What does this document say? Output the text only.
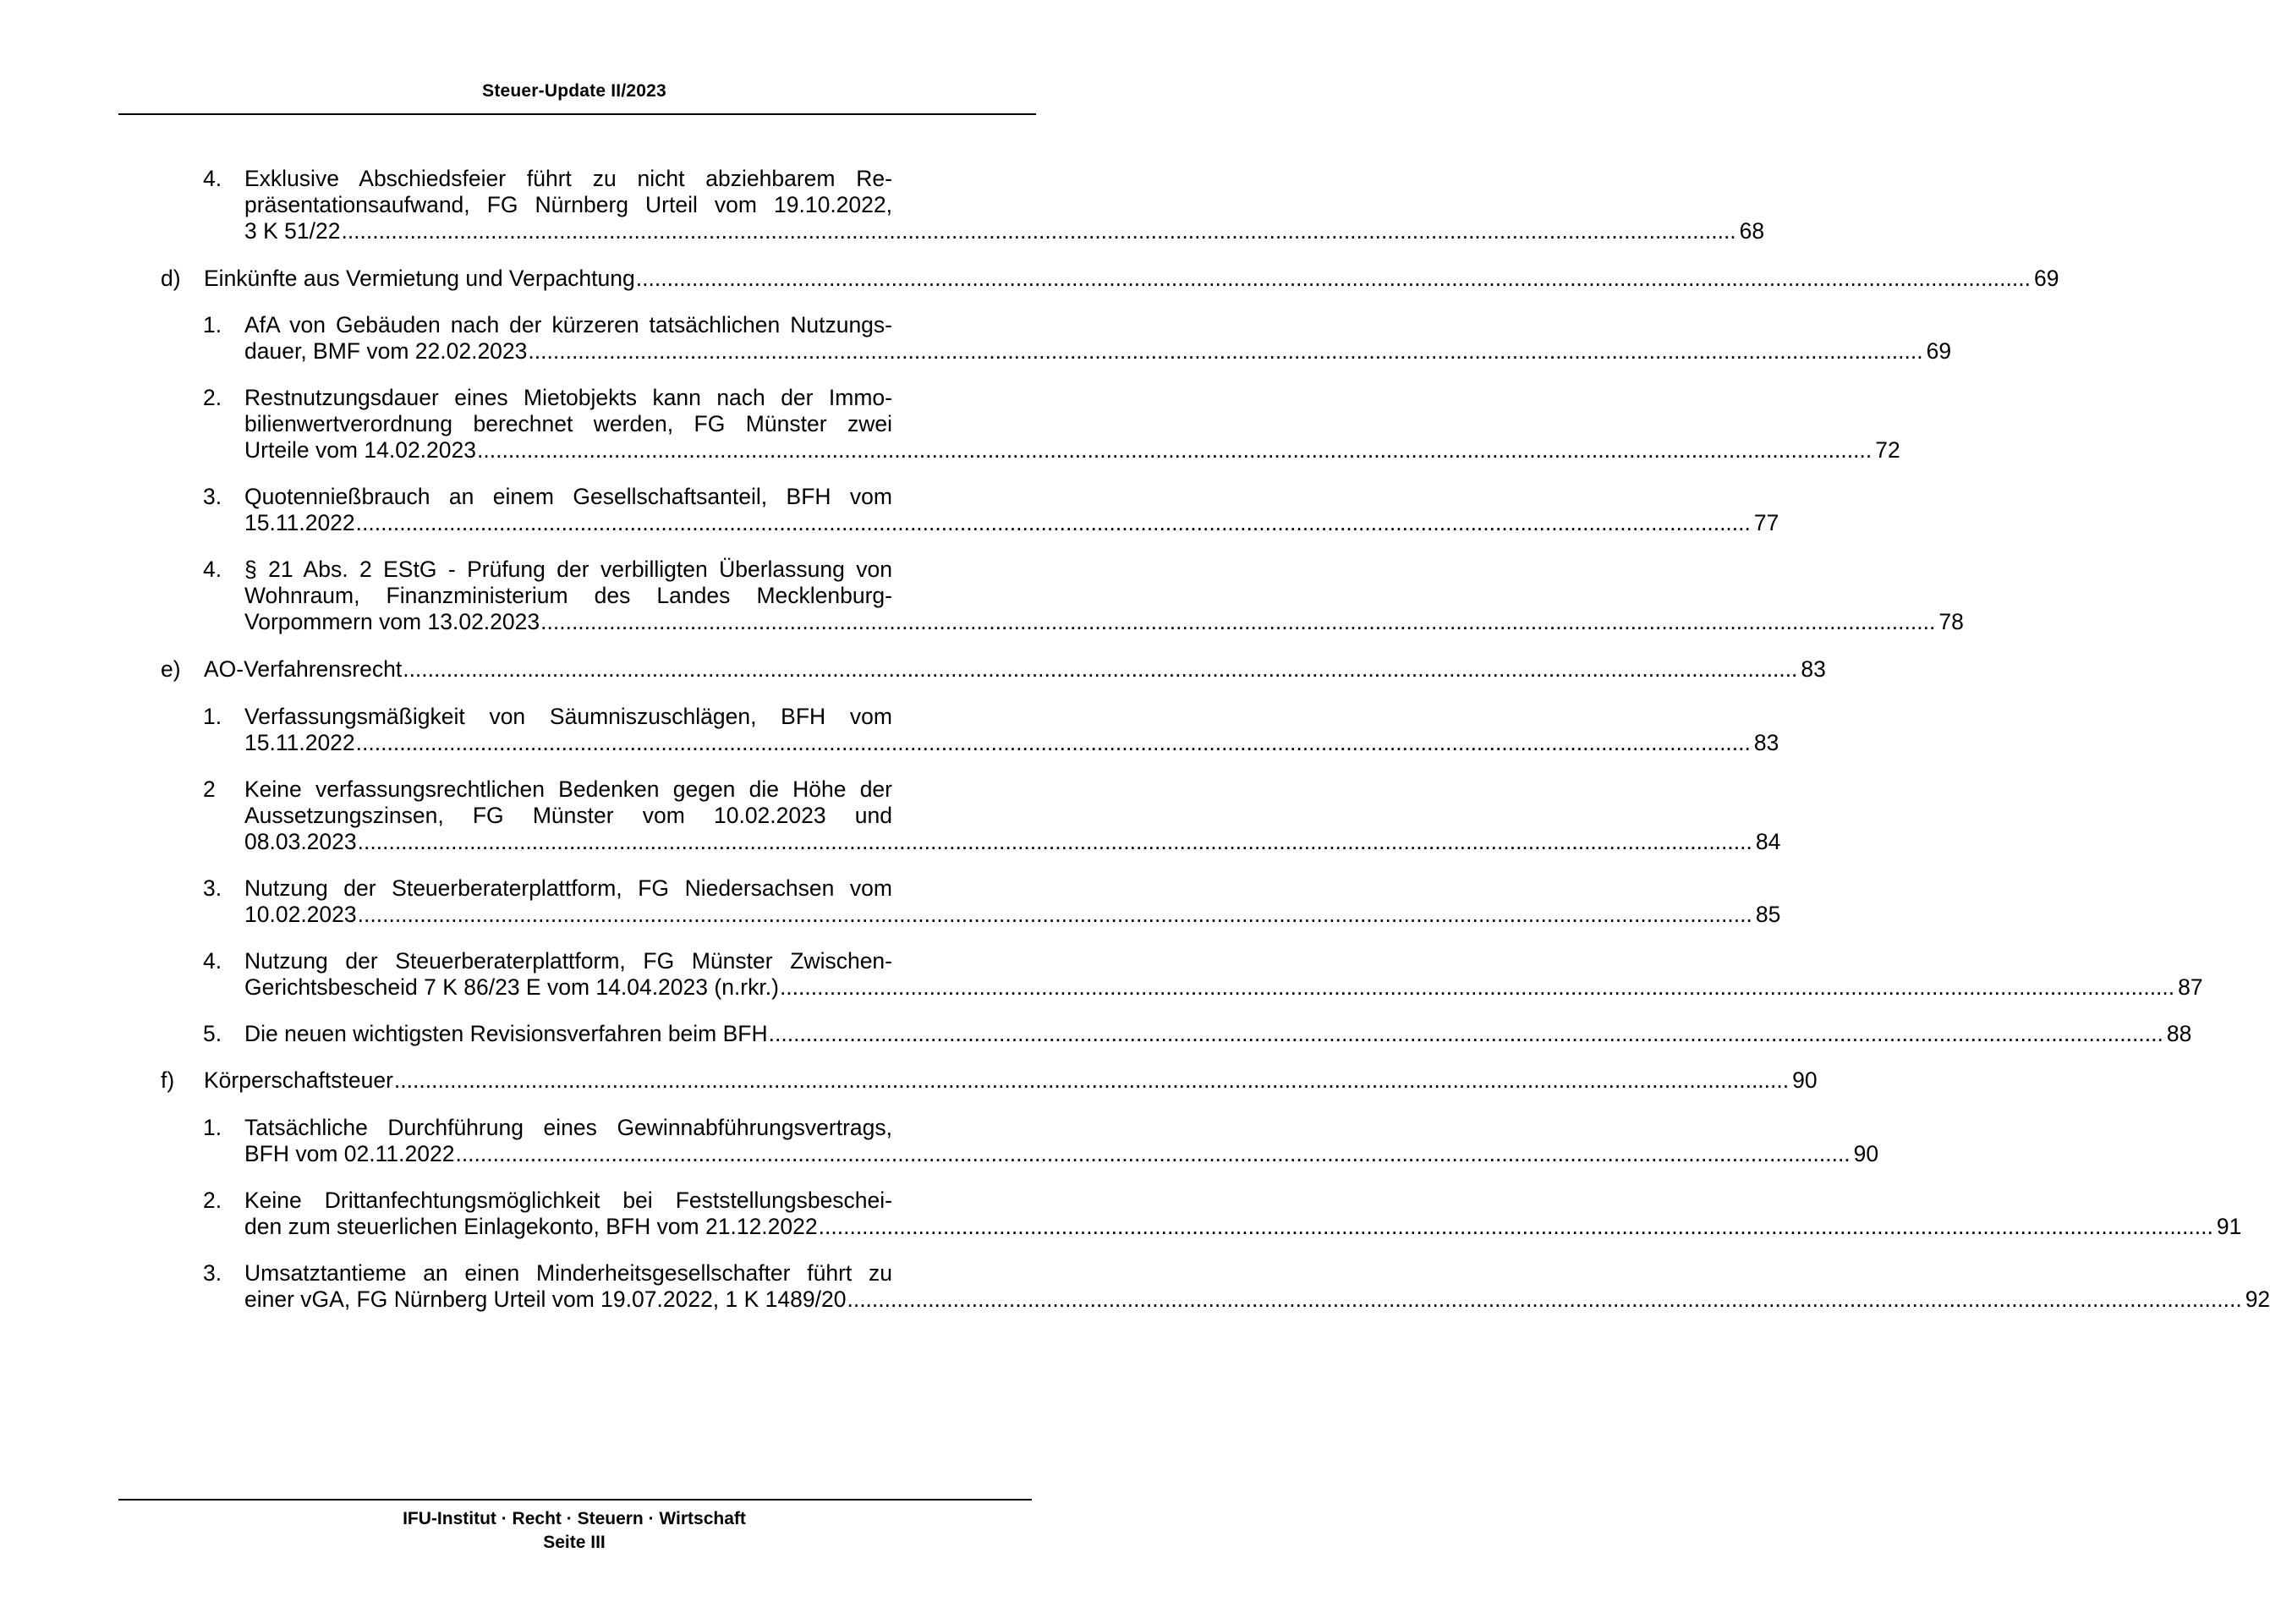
Steuer-Update II/2023
4. Exklusive Abschiedsfeier führt zu nicht abziehbarem Re-
präsentationsaufwand, FG Nürnberg Urteil vom 19.10.2022,
3 K 51/22 ................................................................................................................................................................................................................................ 68
d) Einkünfte aus Vermietung und Verpachtung ................................................................................................................................................................................................................................ 69
1. AfA von Gebäuden nach der kürzeren tatsächlichen Nutzungs-
dauer, BMF vom 22.02.2023 ................................................................................................................................................................................................................................ 69
2. Restnutzungsdauer eines Mietobjekts kann nach der Immo-
bilienwertverordnung berechnet werden, FG Münster zwei
Urteile vom 14.02.2023 ................................................................................................................................................................................................................................ 72
3. Quotennießbrauch an einem Gesellschaftsanteil, BFH vom
15.11.2022 ................................................................................................................................................................................................................................ 77
4. § 21 Abs. 2 EStG - Prüfung der verbilligten Überlassung von
Wohnraum, Finanzministerium des Landes Mecklenburg-
Vorpommern vom 13.02.2023 ................................................................................................................................................................................................................................ 78
e) AO-Verfahrensrecht ................................................................................................................................................................................................................................ 83
1. Verfassungsmäßigkeit von Säumniszuschlägen, BFH vom
15.11.2022 ................................................................................................................................................................................................................................ 83
2 Keine verfassungsrechtlichen Bedenken gegen die Höhe der
Aussetzungszinsen, FG Münster vom 10.02.2023 und
08.03.2023 ................................................................................................................................................................................................................................ 84
3. Nutzung der Steuerberaterplattform, FG Niedersachsen vom
10.02.2023 ................................................................................................................................................................................................................................ 85
4. Nutzung der Steuerberaterplattform, FG Münster Zwischen-
Gerichtsbescheid 7 K 86/23 E vom 14.04.2023 (n.rkr.) ................................................................................................................................................................................................................................ 87
5. Die neuen wichtigsten Revisionsverfahren beim BFH ................................................................................................................................................................................................................................ 88
f) Körperschaftsteuer ................................................................................................................................................................................................................................ 90
1. Tatsächliche Durchführung eines Gewinnabführungsvertrags,
BFH vom 02.11.2022 ................................................................................................................................................................................................................................ 90
2. Keine Drittanfechtungsmöglichkeit bei Feststellungsbeschei-
den zum steuerlichen Einlagekonto, BFH vom 21.12.2022 ................................................................................................................................................................................................................................ 91
3. Umsatztantieme an einen Minderheitsgesellschafter führt zu
einer vGA, FG Nürnberg Urteil vom 19.07.2022, 1 K 1489/20 ................................................................................................................................................................................................................................ 92
IFU-Institut · Recht · Steuern · Wirtschaft
Seite III
